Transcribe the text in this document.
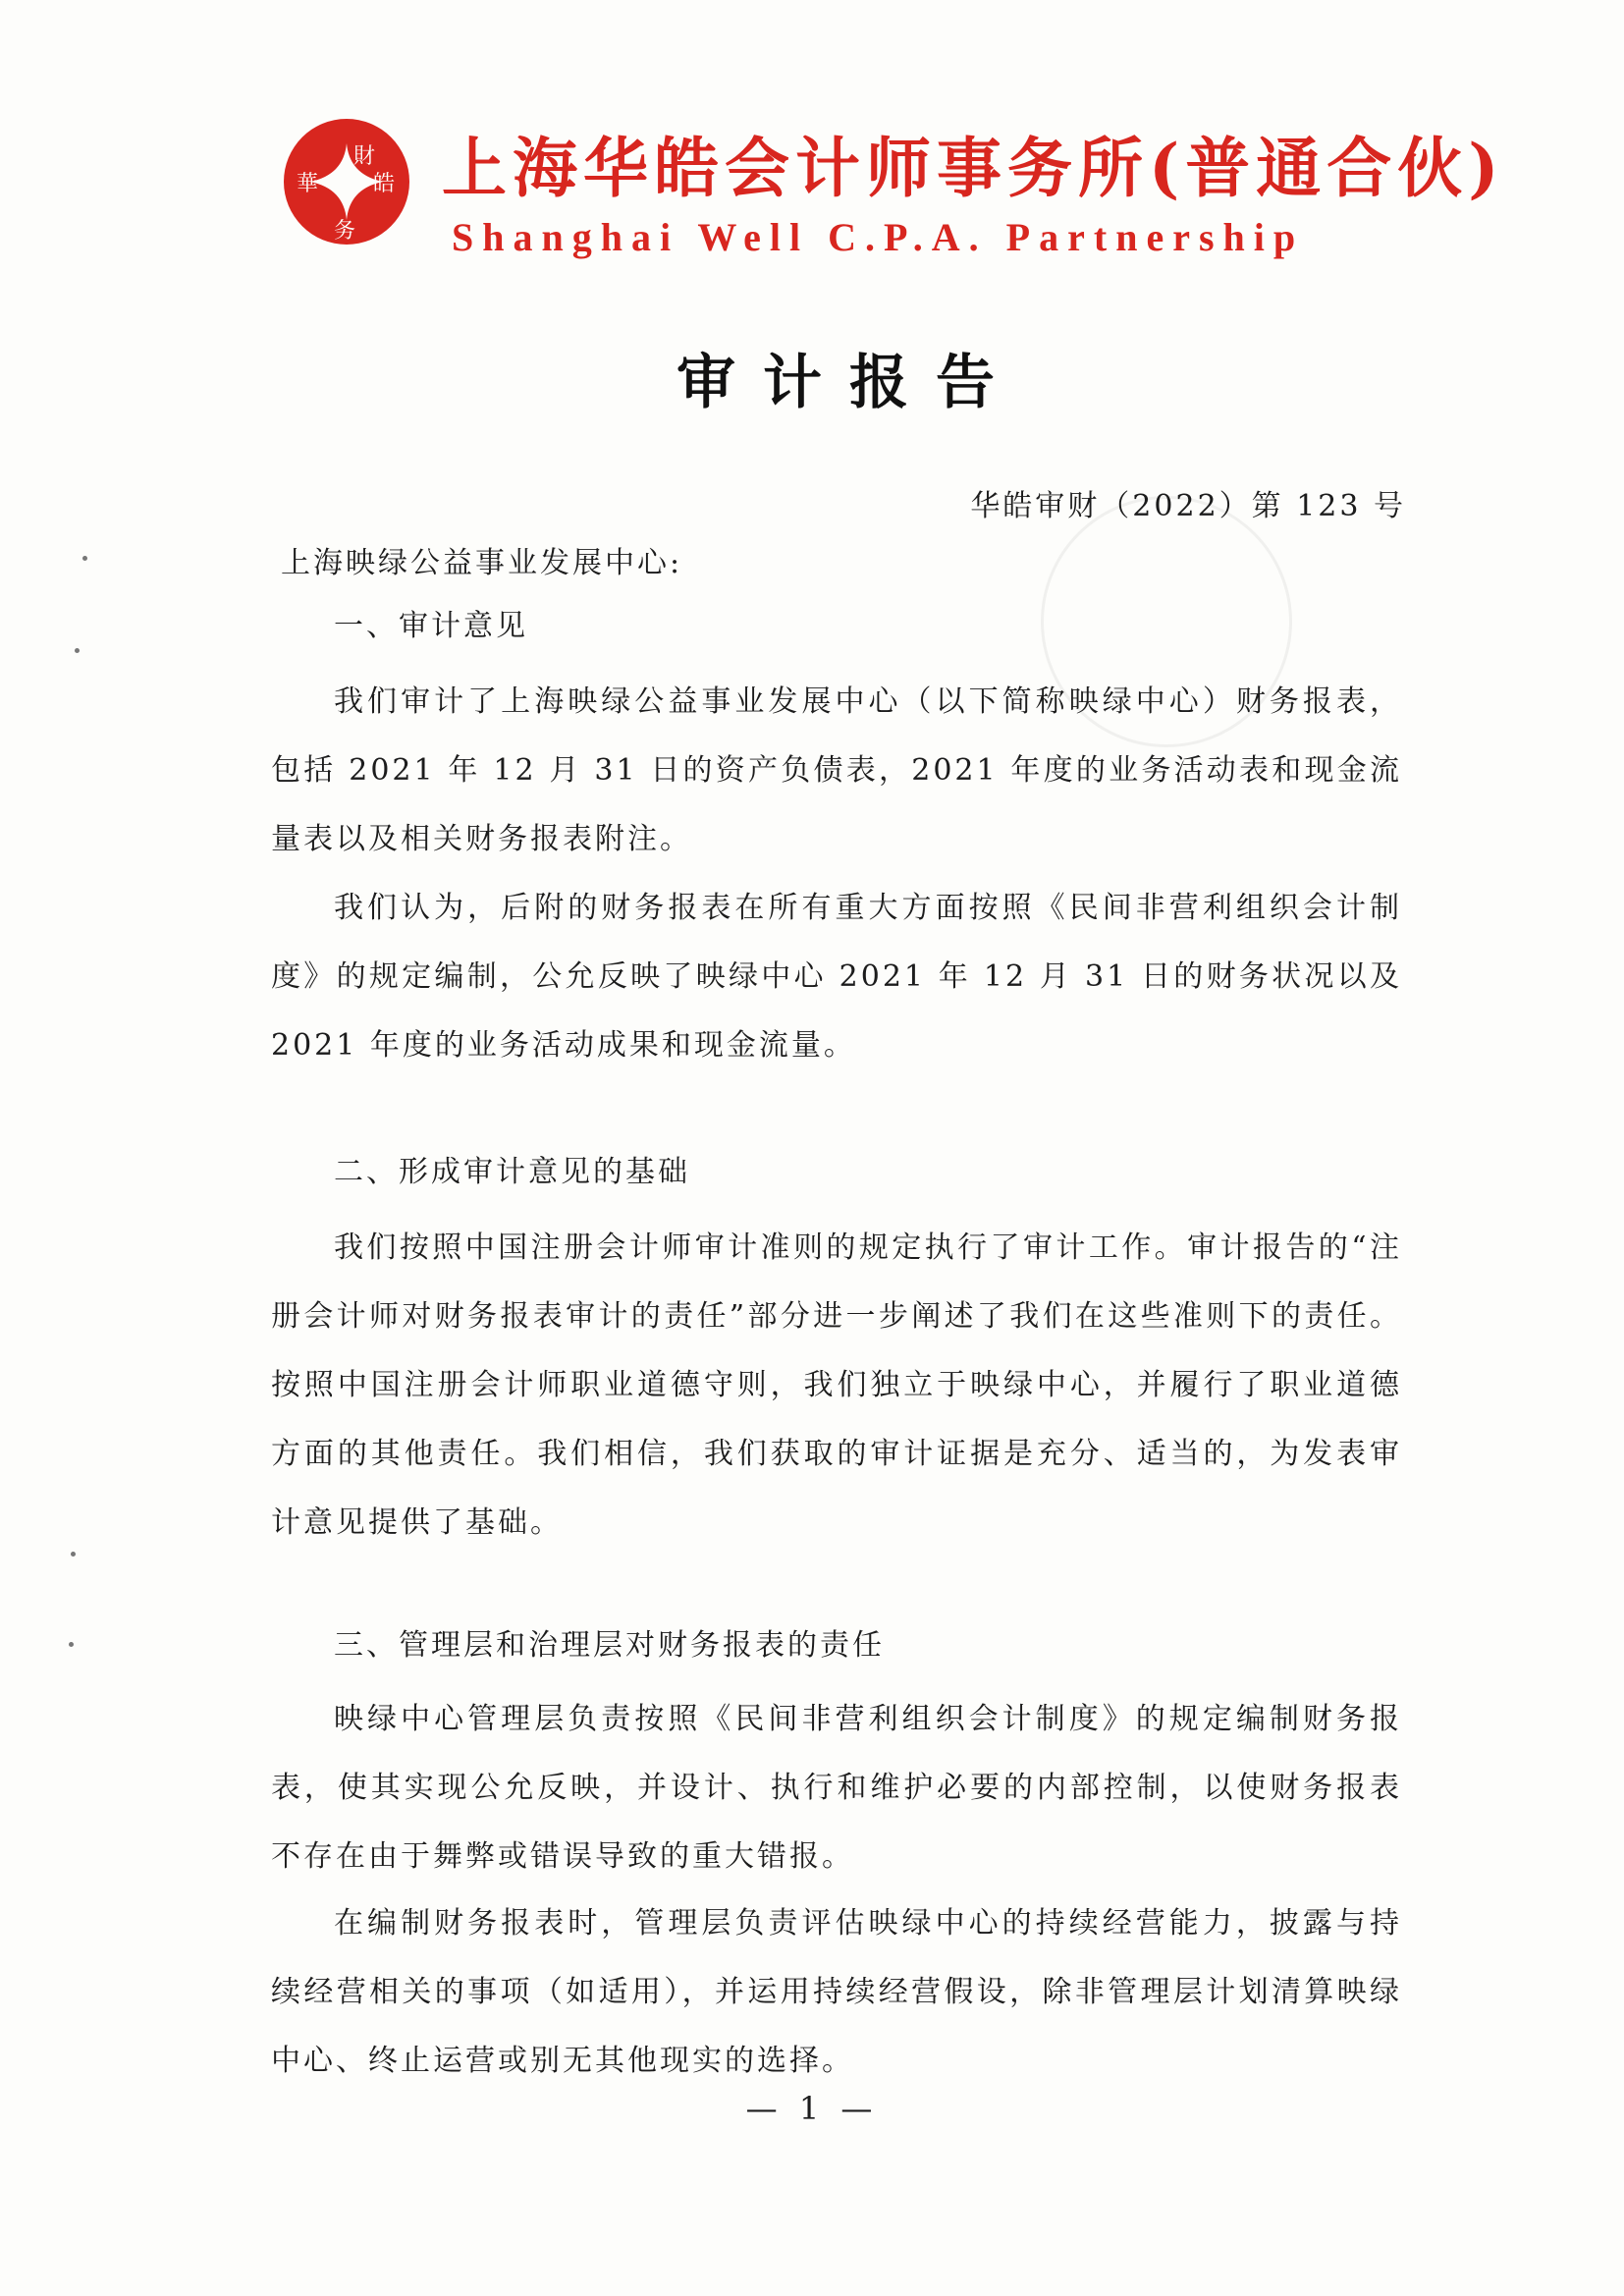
財
華	皓
务
上海华皓会计师事务所(普通合伙)
Shanghai Well C.P.A. Partnership
审计报告
华皓审财（2022）第 123 号
上海映绿公益事业发展中心:
一、审计意见

我们审计了上海映绿公益事业发展中心（以下简称映绿中心）财务报表，包括 2021 年 12 月 31 日的资产负债表，2021 年度的业务活动表和现金流量表以及相关财务报表附注。

我们认为，后附的财务报表在所有重大方面按照《民间非营利组织会计制度》的规定编制，公允反映了映绿中心 2021 年 12 月 31 日的财务状况以及 2021 年度的业务活动成果和现金流量。

二、形成审计意见的基础

我们按照中国注册会计师审计准则的规定执行了审计工作。审计报告的“注册会计师对财务报表审计的责任”部分进一步阐述了我们在这些准则下的责任。按照中国注册会计师职业道德守则，我们独立于映绿中心，并履行了职业道德方面的其他责任。我们相信，我们获取的审计证据是充分、适当的，为发表审计意见提供了基础。

三、管理层和治理层对财务报表的责任

映绿中心管理层负责按照《民间非营利组织会计制度》的规定编制财务报表，使其实现公允反映，并设计、执行和维护必要的内部控制，以使财务报表不存在由于舞弊或错误导致的重大错报。

在编制财务报表时，管理层负责评估映绿中心的持续经营能力，披露与持续经营相关的事项（如适用），并运用持续经营假设，除非管理层计划清算映绿中心、终止运营或别无其他现实的选择。

— 1 —
